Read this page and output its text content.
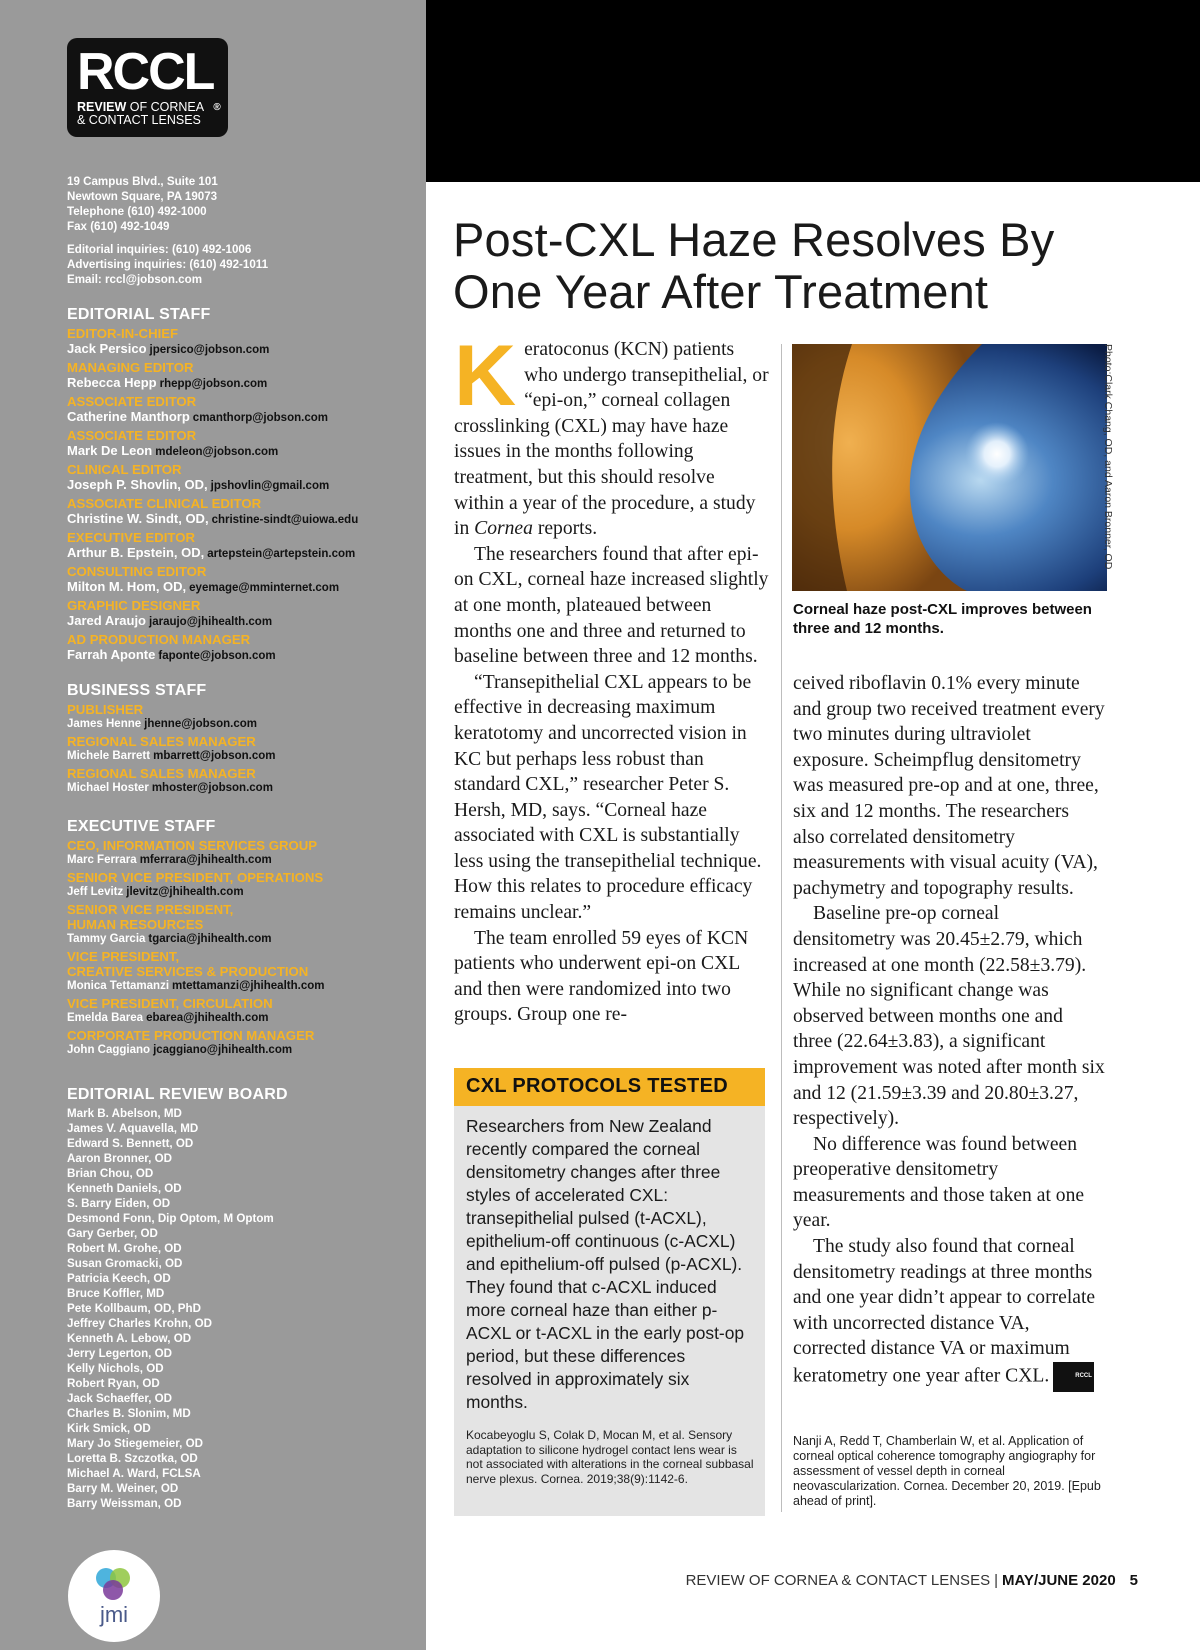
RCCL®
REVIEW OF CORNEA
& CONTACT LENSES
19 Campus Blvd., Suite 101
Newtown Square, PA 19073
Telephone (610) 492-1000
Fax (610) 492-1049
Editorial inquiries: (610) 492-1006
Advertising inquiries: (610) 492-1011
Email: rccl@jobson.com
EDITORIAL STAFF
EDITOR-IN-CHIEF
Jack Persico jpersico@jobson.com
MANAGING EDITOR
Rebecca Hepp rhepp@jobson.com
ASSOCIATE EDITOR
Catherine Manthorp cmanthorp@jobson.com
ASSOCIATE EDITOR
Mark De Leon mdeleon@jobson.com
CLINICAL EDITOR
Joseph P. Shovlin, OD, jpshovlin@gmail.com
ASSOCIATE CLINICAL EDITOR
Christine W. Sindt, OD, christine-sindt@uiowa.edu
EXECUTIVE EDITOR
Arthur B. Epstein, OD, artepstein@artepstein.com
CONSULTING EDITOR
Milton M. Hom, OD, eyemage@mminternet.com
GRAPHIC DESIGNER
Jared Araujo jaraujo@jhihealth.com
AD PRODUCTION MANAGER
Farrah Aponte faponte@jobson.com
BUSINESS STAFF
PUBLISHER
James Henne jhenne@jobson.com
REGIONAL SALES MANAGER
Michele Barrett mbarrett@jobson.com
REGIONAL SALES MANAGER
Michael Hoster mhoster@jobson.com
EXECUTIVE STAFF
CEO, INFORMATION SERVICES GROUP
Marc Ferrara mferrara@jhihealth.com
SENIOR VICE PRESIDENT, OPERATIONS
Jeff Levitz jlevitz@jhihealth.com
SENIOR VICE PRESIDENT,
HUMAN RESOURCES
Tammy Garcia tgarcia@jhihealth.com
VICE PRESIDENT,
CREATIVE SERVICES & PRODUCTION
Monica Tettamanzi mtettamanzi@jhihealth.com
VICE PRESIDENT, CIRCULATION
Emelda Barea ebarea@jhihealth.com
CORPORATE PRODUCTION MANAGER
John Caggiano jcaggiano@jhihealth.com
EDITORIAL REVIEW BOARD
Mark B. Abelson, MD
James V. Aquavella, MD
Edward S. Bennett, OD
Aaron Bronner, OD
Brian Chou, OD
Kenneth Daniels, OD
S. Barry Eiden, OD
Desmond Fonn, Dip Optom, M Optom
Gary Gerber, OD
Robert M. Grohe, OD
Susan Gromacki, OD
Patricia Keech, OD
Bruce Koffler, MD
Pete Kollbaum, OD, PhD
Jeffrey Charles Krohn, OD
Kenneth A. Lebow, OD
Jerry Legerton, OD
Kelly Nichols, OD
Robert Ryan, OD
Jack Schaeffer, OD
Charles B. Slonim, MD
Kirk Smick, OD
Mary Jo Stiegemeier, OD
Loretta B. Szczotka, OD
Michael A. Ward, FCLSA
Barry M. Weiner, OD
Barry Weissman, OD
jmi
Post-CXL Haze Resolves By
One Year After Treatment

Keratoconus (KCN) patients who undergo transepithelial, or “epi-on,” corneal collagen crosslinking (CXL) may have haze issues in the months following treatment, but this should resolve within a year of the procedure, a study in Cornea reports.

The researchers found that after epi-on CXL, corneal haze increased slightly at one month, plateaued between months one and three and returned to baseline between three and 12 months.

“Transepithelial CXL appears to be effective in decreasing maximum keratotomy and uncorrected vision in KC but perhaps less robust than standard CXL,” researcher Peter S. Hersh, MD, says. “Corneal haze associated with CXL is substantially less using the transepithelial technique. How this relates to procedure efficacy remains unclear.”

The team enrolled 59 eyes of KCN patients who underwent epi-on CXL and then were randomized into two groups. Group one re-

Photo:Clark Chang, OD, and Aaron Bronner, OD
Corneal haze post-CXL improves between three and 12 months.

ceived riboflavin 0.1% every minute and group two received treatment every two minutes during ultraviolet exposure. Scheimpflug densitometry was measured pre-op and at one, three, six and 12 months. The researchers also correlated densitometry measurements with visual acuity (VA), pachymetry and topography results.

Baseline pre-op corneal densitometry was 20.45±2.79, which increased at one month (22.58±3.79). While no significant change was observed between months one and three (22.64±3.83), a significant improvement was noted after month six and 12 (21.59±3.39 and 20.80±3.27, respectively).

No difference was found between preoperative densitometry measurements and those taken at one year.

The study also found that corneal densitometry readings at three months and one year didn’t appear to correlate with uncorrected distance VA, corrected distance VA or maximum keratometry one year after CXL.	RCCL

Nanji A, Redd T, Chamberlain W, et al. Application of corneal optical coherence tomography angiography for assessment of vessel depth in corneal neovascularization. Cornea. December 20, 2019. [Epub ahead of print].
CXL PROTOCOLS TESTED
Researchers from New Zealand recently compared the corneal densitometry changes after three styles of accelerated CXL: transepithelial pulsed (t-ACXL), epithelium-off continuous (c-ACXL) and epithelium-off pulsed (p-ACXL). They found that c-ACXL induced more corneal haze than either p-ACXL or t-ACXL in the early post-op period, but these differences resolved in approximately six months.
Kocabeyoglu S, Colak D, Mocan M, et al. Sensory adaptation to silicone hydrogel contact lens wear is not associated with alterations in the corneal subbasal nerve plexus. Cornea. 2019;38(9):1142-6.
REVIEW OF CORNEA & CONTACT LENSES | MAY/JUNE 2020 5
